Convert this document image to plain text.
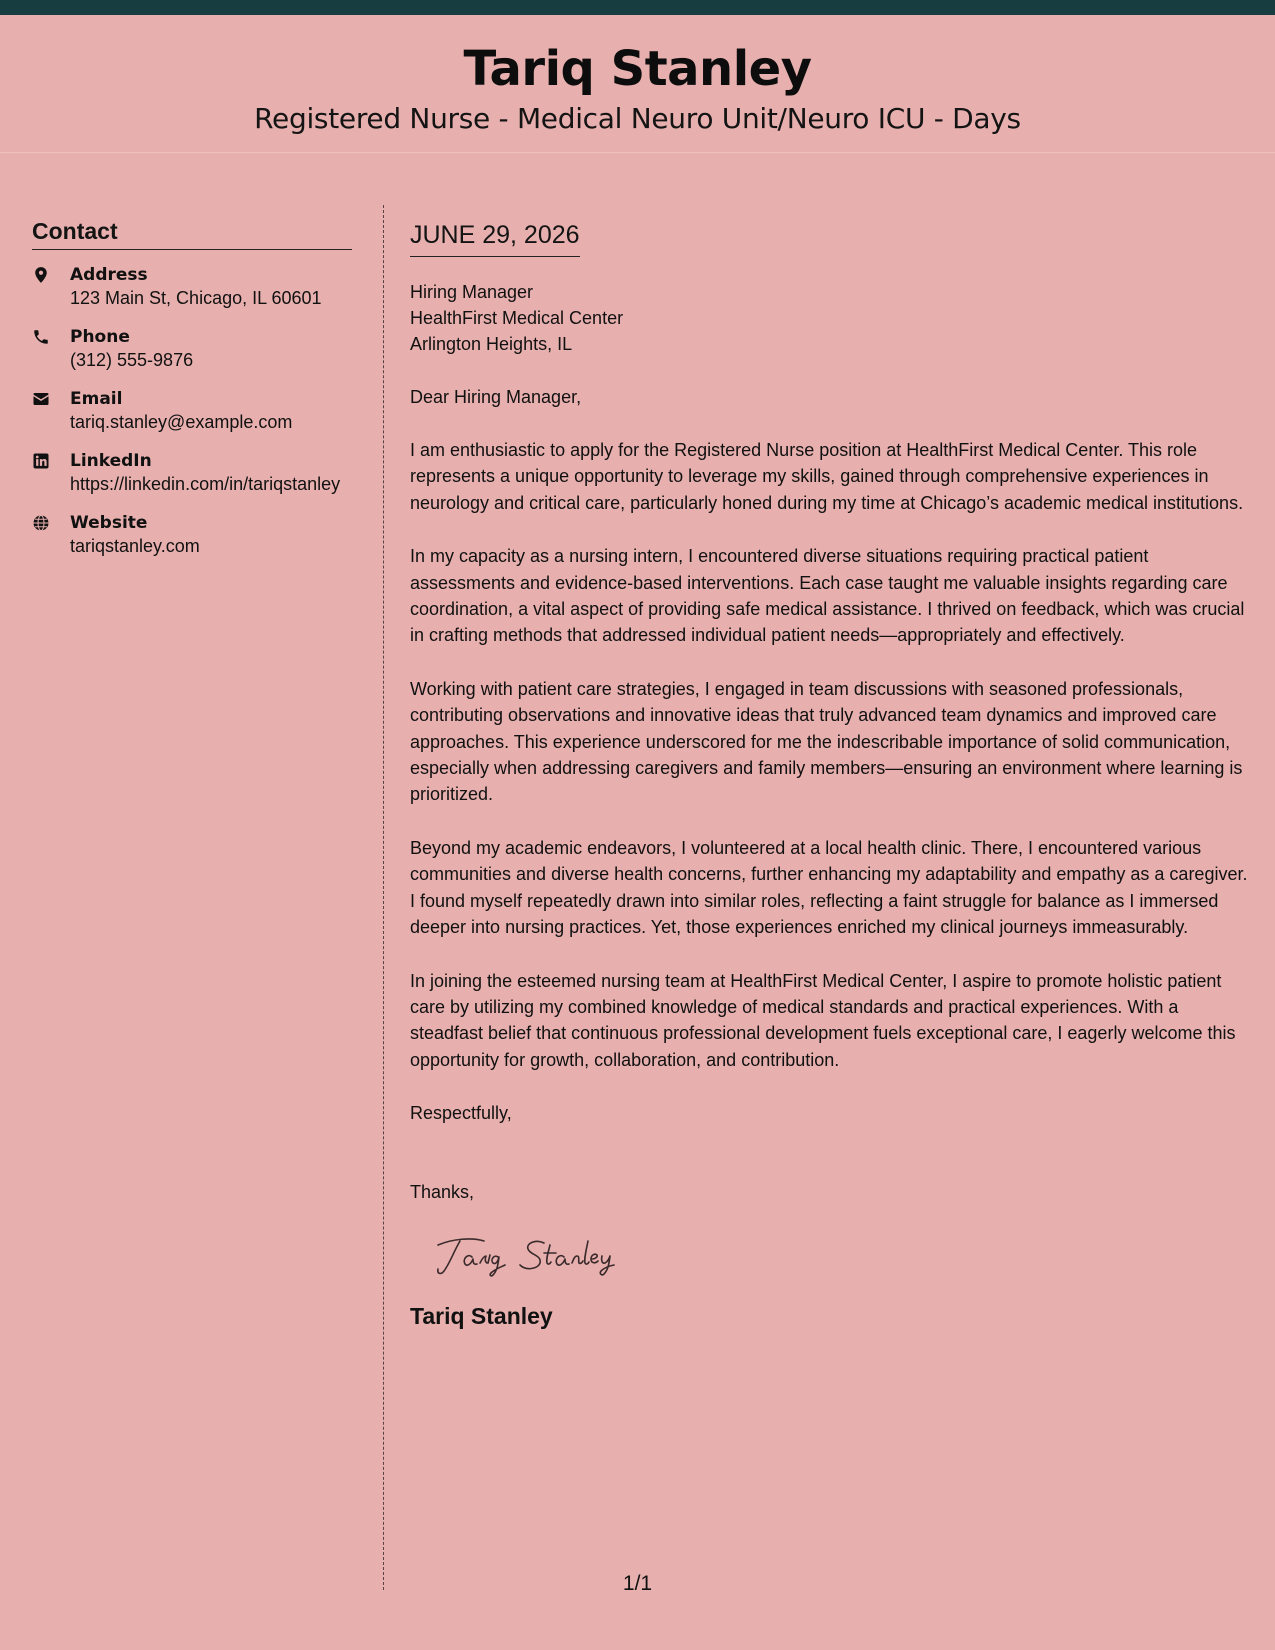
Tariq Stanley
Registered Nurse - Medical Neuro Unit/Neuro ICU - Days
Contact
Address
123 Main St, Chicago, IL 60601
Phone
(312) 555-9876
Email
tariq.stanley@example.com
LinkedIn
https://linkedin.com/in/tariqstanley
Website
tariqstanley.com
JUNE 29, 2026
Hiring Manager
HealthFirst Medical Center
Arlington Heights, IL

Dear Hiring Manager,

I am enthusiastic to apply for the Registered Nurse position at HealthFirst Medical Center. This role represents a unique opportunity to leverage my skills, gained through comprehensive experiences in neurology and critical care, particularly honed during my time at Chicago’s academic medical institutions.

In my capacity as a nursing intern, I encountered diverse situations requiring practical patient assessments and evidence-based interventions. Each case taught me valuable insights regarding care coordination, a vital aspect of providing safe medical assistance. I thrived on feedback, which was crucial in crafting methods that addressed individual patient needs—appropriately and effectively.

Working with patient care strategies, I engaged in team discussions with seasoned professionals, contributing observations and innovative ideas that truly advanced team dynamics and improved care approaches. This experience underscored for me the indescribable importance of solid communication, especially when addressing caregivers and family members—ensuring an environment where learning is prioritized.

Beyond my academic endeavors, I volunteered at a local health clinic. There, I encountered various communities and diverse health concerns, further enhancing my adaptability and empathy as a caregiver. I found myself repeatedly drawn into similar roles, reflecting a faint struggle for balance as I immersed deeper into nursing practices. Yet, those experiences enriched my clinical journeys immeasurably.

In joining the esteemed nursing team at HealthFirst Medical Center, I aspire to promote holistic patient care by utilizing my combined knowledge of medical standards and practical experiences. With a steadfast belief that continuous professional development fuels exceptional care, I eagerly welcome this opportunity for growth, collaboration, and contribution.

Respectfully,

Thanks,

Tariq Stanley
1/1
